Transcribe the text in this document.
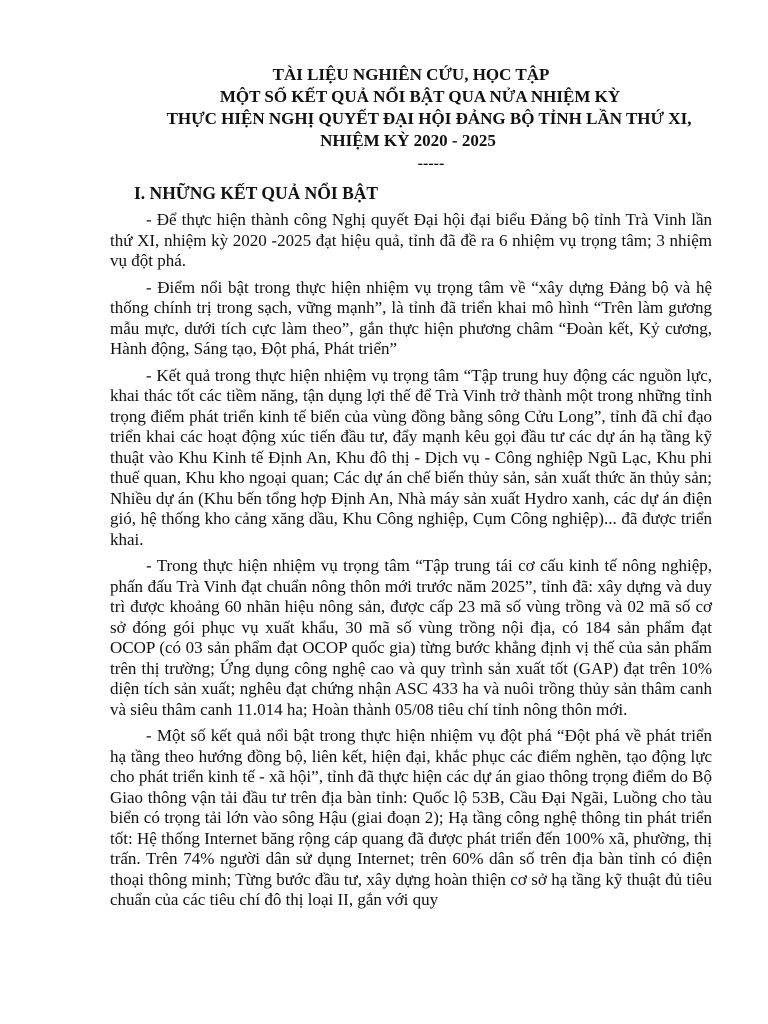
TÀI LIỆU NGHIÊN CỨU, HỌC TẬP
MỘT SỐ KẾT QUẢ NỔI BẬT QUA NỬA NHIỆM KỲ
THỰC HIỆN NGHỊ QUYẾT ĐẠI HỘI ĐẢNG BỘ TỈNH LẦN THỨ XI,
NHIỆM KỲ 2020 - 2025
-----
I. NHỮNG KẾT QUẢ NỔI BẬT

- Để thực hiện thành công Nghị quyết Đại hội đại biểu Đảng bộ tỉnh Trà Vinh lần thứ XI, nhiệm kỳ 2020 -2025 đạt hiệu quả, tỉnh đã đề ra 6 nhiệm vụ trọng tâm; 3 nhiệm vụ đột phá.

- Điểm nổi bật trong thực hiện nhiệm vụ trọng tâm về “xây dựng Đảng bộ và hệ thống chính trị trong sạch, vững mạnh”, là tỉnh đã triển khai mô hình “Trên làm gương mẫu mực, dưới tích cực làm theo”, gắn thực hiện phương châm “Đoàn kết, Kỷ cương, Hành động, Sáng tạo, Đột phá, Phát triển”

- Kết quả trong thực hiện nhiệm vụ trọng tâm “Tập trung huy động các nguồn lực, khai thác tốt các tiềm năng, tận dụng lợi thế để Trà Vinh trở thành một trong những tỉnh trọng điểm phát triển kinh tế biển của vùng đồng bằng sông Cửu Long”, tỉnh đã chỉ đạo triển khai các hoạt động xúc tiến đầu tư, đẩy mạnh kêu gọi đầu tư các dự án hạ tầng kỹ thuật vào Khu Kinh tế Định An, Khu đô thị - Dịch vụ - Công nghiệp Ngũ Lạc, Khu phi thuế quan, Khu kho ngoại quan; Các dự án chế biến thủy sản, sản xuất thức ăn thủy sản; Nhiều dự án (Khu bến tổng hợp Định An, Nhà máy sản xuất Hydro xanh, các dự án điện gió, hệ thống kho cảng xăng dầu, Khu Công nghiệp, Cụm Công nghiệp)... đã được triển khai.

- Trong thực hiện nhiệm vụ trọng tâm “Tập trung tái cơ cấu kinh tế nông nghiệp, phấn đấu Trà Vinh đạt chuẩn nông thôn mới trước năm 2025”, tỉnh đã: xây dựng và duy trì được khoảng 60 nhãn hiệu nông sản, được cấp 23 mã số vùng trồng và 02 mã số cơ sở đóng gói phục vụ xuất khẩu, 30 mã số vùng trồng nội địa, có 184 sản phẩm đạt OCOP (có 03 sản phẩm đạt OCOP quốc gia) từng bước khẳng định vị thế của sản phẩm trên thị trường; Ứng dụng công nghệ cao và quy trình sản xuất tốt (GAP) đạt trên 10% diện tích sản xuất; nghêu đạt chứng nhận ASC 433 ha và nuôi trồng thủy sản thâm canh và siêu thâm canh 11.014 ha; Hoàn thành 05/08 tiêu chí tỉnh nông thôn mới.

- Một số kết quả nổi bật trong thực hiện nhiệm vụ đột phá “Đột phá về phát triển hạ tầng theo hướng đồng bộ, liên kết, hiện đại, khắc phục các điểm nghẽn, tạo động lực cho phát triển kinh tế - xã hội”, tỉnh đã thực hiện các dự án giao thông trọng điểm do Bộ Giao thông vận tải đầu tư trên địa bàn tỉnh: Quốc lộ 53B, Cầu Đại Ngãi, Luồng cho tàu biển có trọng tải lớn vào sông Hậu (giai đoạn 2); Hạ tầng công nghệ thông tin phát triển tốt: Hệ thống Internet băng rộng cáp quang đã được phát triển đến 100% xã, phường, thị trấn. Trên 74% người dân sử dụng Internet; trên 60% dân số trên địa bàn tỉnh có điện thoại thông minh; Từng bước đầu tư, xây dựng hoàn thiện cơ sở hạ tầng kỹ thuật đủ tiêu chuẩn của các tiêu chí đô thị loại II, gắn với quy
